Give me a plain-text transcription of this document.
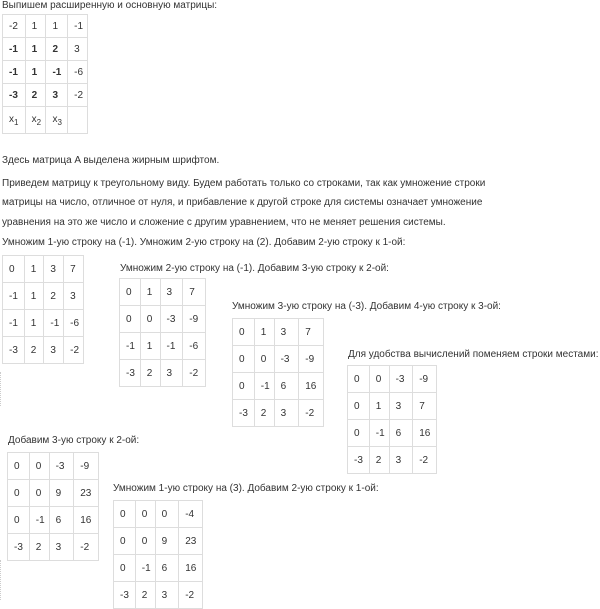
Выпишем расширенную и основную матрицы:
-2	1	1	-1
-1	1	2	3
-1	1	-1	-6
-3	2	3	-2
$x_1$	$x_2$	$x_3$	
Здесь матрица A выделена жирным шрифтом.
Приведем матрицу к треугольному виду. Будем работать только со строками, так как умножение строки
матрицы на число, отличное от нуля, и прибавление к другой строке для системы означает умножение
уравнения на это же число и сложение с другим уравнением, что не меняет решения системы.
Умножим 1-ую строку на (-1). Умножим 2-ую строку на (2). Добавим 2-ую строку к 1-ой:
0	1	3	7
-1	1	2	3
-1	1	-1	-6
-3	2	3	-2
Умножим 2-ую строку на (-1). Добавим 3-ую строку к 2-ой:
0	1	3	7
0	0	-3	-9
-1	1	-1	-6
-3	2	3	-2
Умножим 3-ую строку на (-3). Добавим 4-ую строку к 3-ой:
0	1	3	7
0	0	-3	-9
0	-1	6	16
-3	2	3	-2
Для удобства вычислений поменяем строки местами:
0	0	-3	-9
0	1	3	7
0	-1	6	16
-3	2	3	-2
Добавим 3-ую строку к 2-ой:
0	0	-3	-9
0	0	9	23
0	-1	6	16
-3	2	3	-2
Умножим 1-ую строку на (3). Добавим 2-ую строку к 1-ой:
0	0	0	-4
0	0	9	23
0	-1	6	16
-3	2	3	-2
